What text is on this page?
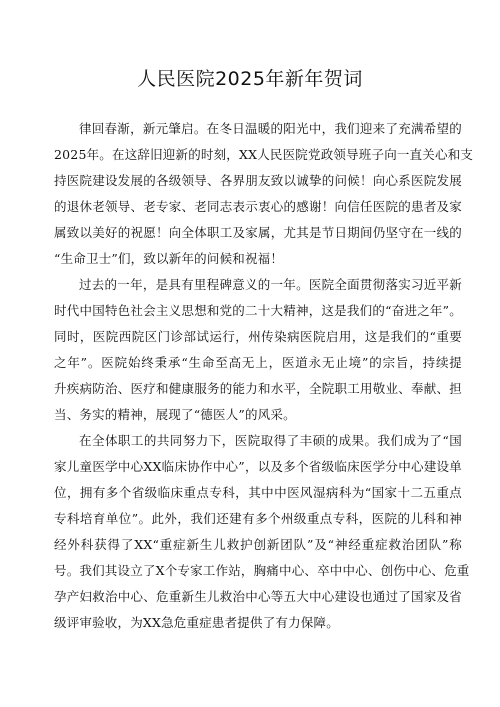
人民医院2025年新年贺词
律回春渐，新元肇启。在冬日温暖的阳光中，我们迎来了充满希望的
2025年。在这辞旧迎新的时刻，XX人民医院党政领导班子向一直关心和支
持医院建设发展的各级领导、各界朋友致以诚挚的问候！向心系医院发展
的退休老领导、老专家、老同志表示衷心的感谢！向信任医院的患者及家
属致以美好的祝愿！向全体职工及家属，尤其是节日期间仍坚守在一线的
“生命卫士”们，致以新年的问候和祝福！
过去的一年，是具有里程碑意义的一年。医院全面贯彻落实习近平新
时代中国特色社会主义思想和党的二十大精神，这是我们的“奋进之年”。
同时，医院西院区门诊部试运行，州传染病医院启用，这是我们的“重要
之年”。医院始终秉承“生命至高无上，医道永无止境”的宗旨，持续提
升疾病防治、医疗和健康服务的能力和水平，全院职工用敬业、奉献、担
当、务实的精神，展现了“德医人”的风采。
在全体职工的共同努力下，医院取得了丰硕的成果。我们成为了“国
家儿童医学中心XX临床协作中心”，以及多个省级临床医学分中心建设单
位，拥有多个省级临床重点专科，其中中医风湿病科为“国家十二五重点
专科培育单位”。此外，我们还建有多个州级重点专科，医院的儿科和神
经外科获得了XX“重症新生儿救护创新团队”及“神经重症救治团队”称
号。我们其设立了X个专家工作站，胸痛中心、卒中中心、创伤中心、危重
孕产妇救治中心、危重新生儿救治中心等五大中心建设也通过了国家及省
级评审验收，为XX急危重症患者提供了有力保障。
